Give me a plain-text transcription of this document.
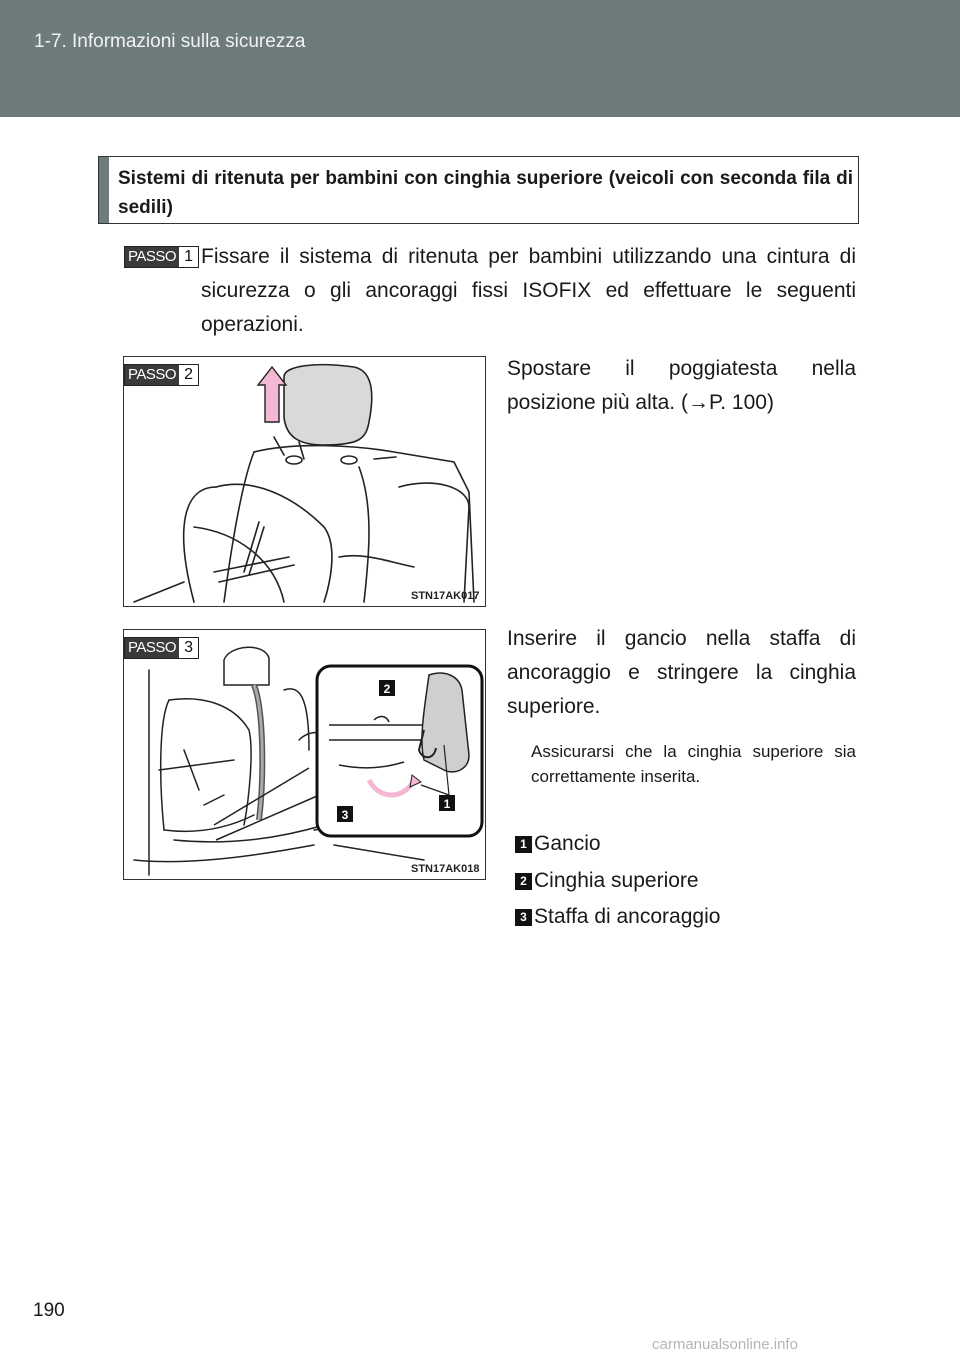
1-7. Informazioni sulla sicurezza
Sistemi di ritenuta per bambini con cinghia superiore (veicoli con seconda fila di sedili)
PASSO 1 Fissare il sistema di ritenuta per bambini utilizzando una cintura di sicurezza o gli ancoraggi fissi ISOFIX ed effettuare le seguenti operazioni.
STN17AK017
PASSO 2	Spostare il poggiatesta nella posizione più alta. (→P. 100)
2
1
3
STN17AK018
PASSO 3	Inserire il gancio nella staffa di ancoraggio e stringere la cinghia superiore.
Assicurarsi che la cinghia superiore sia correttamente inserita.
1 Gancio
2 Cinghia superiore
3 Staffa di ancoraggio
190
carmanualsonline.info
